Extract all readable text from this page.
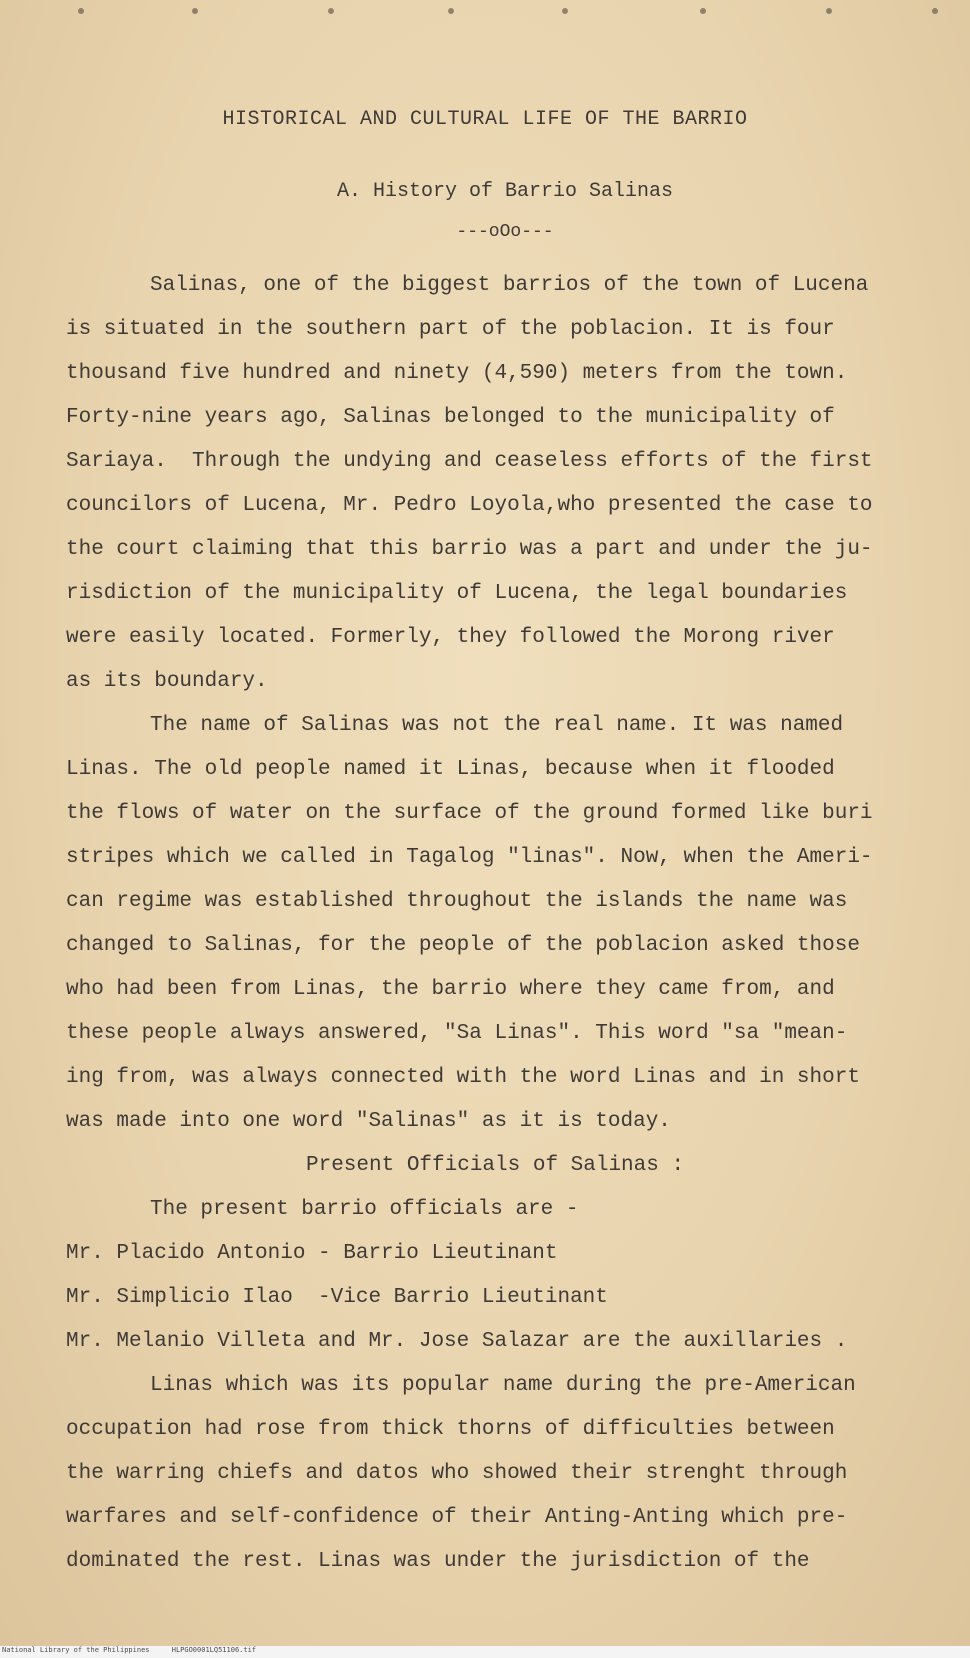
HISTORICAL AND CULTURAL LIFE OF THE BARRIO
A. History of Barrio Salinas
---oOo---
Salinas, one of the biggest barrios of the town of Lucena
is situated in the southern part of the poblacion. It is four
thousand five hundred and ninety (4,590) meters from the town.
Forty-nine years ago, Salinas belonged to the municipality of
Sariaya.  Through the undying and ceaseless efforts of the first
councilors of Lucena, Mr. Pedro Loyola,who presented the case to
the court claiming that this barrio was a part and under the ju-
risdiction of the municipality of Lucena, the legal boundaries
were easily located. Formerly, they followed the Morong river
as its boundary.
The name of Salinas was not the real name. It was named
Linas. The old people named it Linas, because when it flooded
the flows of water on the surface of the ground formed like buri
stripes which we called in Tagalog "linas". Now, when the Ameri-
can regime was established throughout the islands the name was
changed to Salinas, for the people of the poblacion asked those
who had been from Linas, the barrio where they came from, and
these people always answered, "Sa Linas". This word "sa "mean-
ing from, was always connected with the word Linas and in short
was made into one word "Salinas" as it is today.
Present Officials of Salinas :
The present barrio officials are -
Mr. Placido Antonio - Barrio Lieutinant
Mr. Simplicio Ilao  -Vice Barrio Lieutinant
Mr. Melanio Villeta and Mr. Jose Salazar are the auxillaries .
Linas which was its popular name during the pre-American
occupation had rose from thick thorns of difficulties between
the warring chiefs and datos who showed their strenght through
warfares and self-confidence of their Anting-Anting which pre-
dominated the rest. Linas was under the jurisdiction of the
National Library of the Philippines	HLPGO0001LQ51106.tif
